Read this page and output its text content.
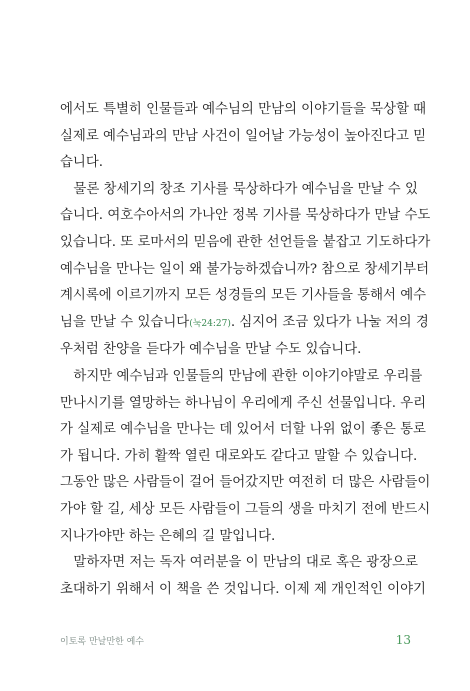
에서도 특별히 인물들과 예수님의 만남의 이야기들을 묵상할 때
실제로 예수님과의 만남 사건이 일어날 가능성이 높아진다고 믿
습니다.

물론 창세기의 창조 기사를 묵상하다가 예수님을 만날 수 있
습니다. 여호수아서의 가나안 정복 기사를 묵상하다가 만날 수도
있습니다. 또 로마서의 믿음에 관한 선언들을 붙잡고 기도하다가
예수님을 만나는 일이 왜 불가능하겠습니까? 참으로 창세기부터
계시록에 이르기까지 모든 성경들의 모든 기사들을 통해서 예수
님을 만날 수 있습니다(눅24:27). 심지어 조금 있다가 나눌 저의 경
우처럼 찬양을 듣다가 예수님을 만날 수도 있습니다.

하지만 예수님과 인물들의 만남에 관한 이야기야말로 우리를
만나시기를 열망하는 하나님이 우리에게 주신 선물입니다. 우리
가 실제로 예수님을 만나는 데 있어서 더할 나위 없이 좋은 통로
가 됩니다. 가히 활짝 열린 대로와도 같다고 말할 수 있습니다.
그동안 많은 사람들이 걸어 들어갔지만 여전히 더 많은 사람들이
가야 할 길, 세상 모든 사람들이 그들의 생을 마치기 전에 반드시
지나가야만 하는 은혜의 길 말입니다.

말하자면 저는 독자 여러분을 이 만남의 대로 혹은 광장으로
초대하기 위해서 이 책을 쓴 것입니다. 이제 제 개인적인 이야기

이토록 만날만한 예수	13
